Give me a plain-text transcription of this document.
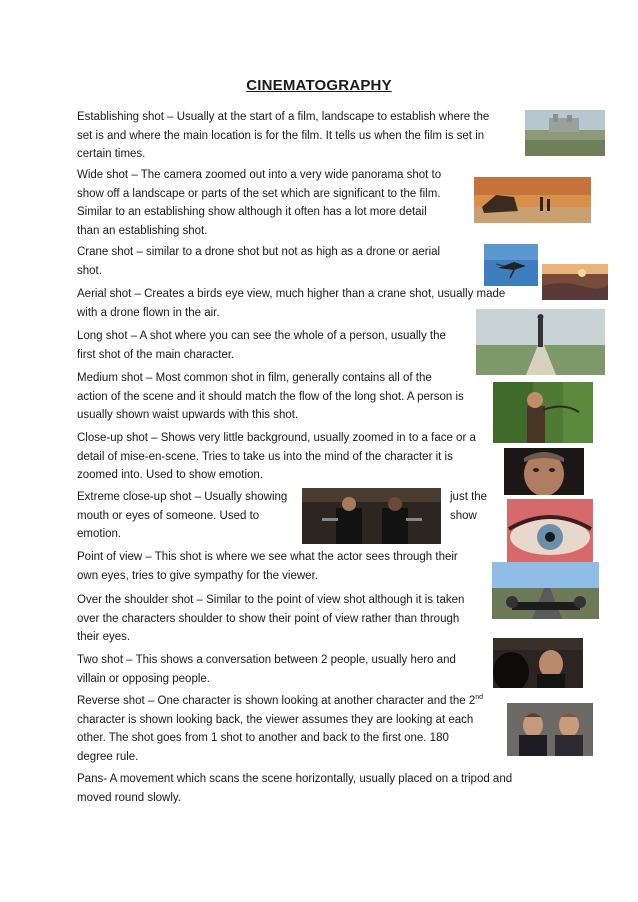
CINEMATOGRAPHY

Establishing shot – Usually at the start of a film, landscape to establish where the
set is and where the main location is for the film. It tells us when the film is set in
certain times.

Wide shot – The camera zoomed out into a very wide panorama shot to
show off a landscape or parts of the set which are significant to the film.
Similar to an establishing show although it often has a lot more detail
than an establishing shot.

Crane shot – similar to a drone shot but not as high as a drone or aerial
shot.

Aerial shot – Creates a birds eye view, much higher than a crane shot, usually made
with a drone flown in the air.

Long shot – A shot where you can see the whole of a person, usually the
first shot of the main character.

Medium shot – Most common shot in film, generally contains all of the
action of the scene and it should match the flow of the long shot. A person is
usually shown waist upwards with this shot.

Close-up shot – Shows very little background, usually zoomed in to a face or a
detail of mise-en-scene. Tries to take us into the mind of the character it is
zoomed into. Used to show emotion.

Extreme close-up shot – Usually showing
mouth or eyes of someone. Used to
emotion.
just the
show

Point of view – This shot is where we see what the actor sees through their
own eyes, tries to give sympathy for the viewer.

Over the shoulder shot – Similar to the point of view shot although it is taken
over the characters shoulder to show their point of view rather than through
their eyes.

Two shot – This shows a conversation between 2 people, usually hero and
villain or opposing people.

Reverse shot – One character is shown looking at another character and the 2nd
character is shown looking back, the viewer assumes they are looking at each
other. The shot goes from 1 shot to another and back to the first one. 180
degree rule.

Pans- A movement which scans the scene horizontally, usually placed on a tripod and
moved round slowly.
